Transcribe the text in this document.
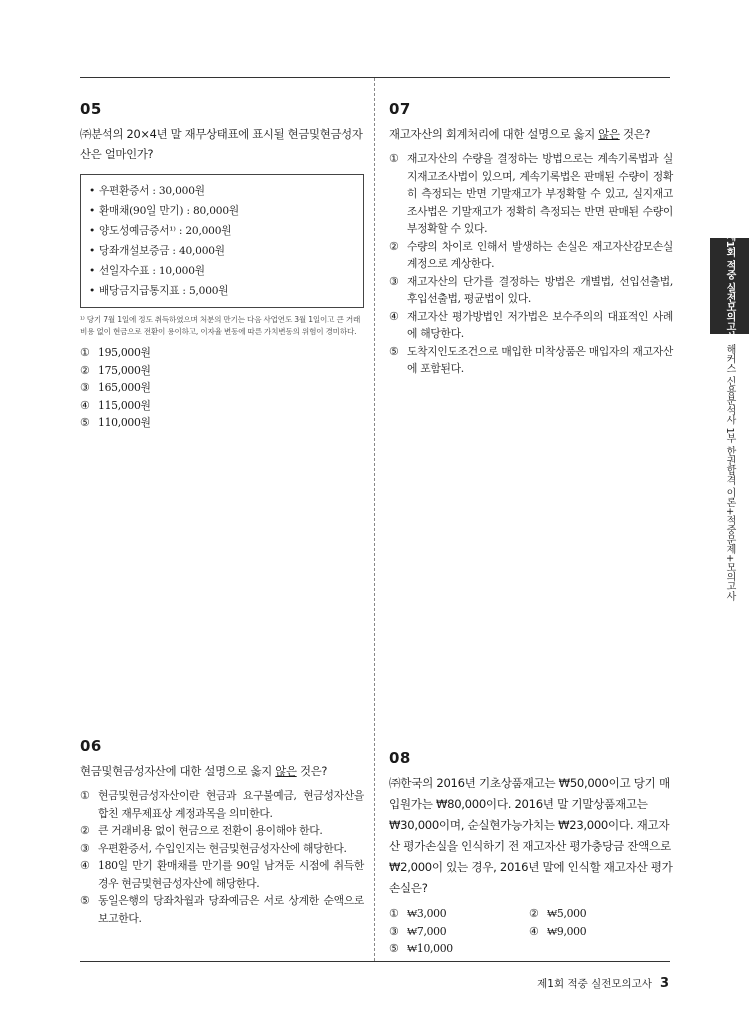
05
㈜분석의 20×4년 말 재무상태표에 표시될 현금및현금성자산은 얼마인가?
• 우편환증서 : 30,000원
• 환매채(90일 만기) : 80,000원
• 양도성예금증서¹⁾ : 20,000원
• 당좌개설보증금 : 40,000원
• 선일자수표 : 10,000원
• 배당금지급통지표 : 5,000원
¹⁾ 당기 7월 1일에 정도 취득하였으며 처분의 만기는 다음 사업연도 3월 1일이고 큰 거래비용 없이 현금으로 전환이 용이하고, 이자율 변동에 따른 가치변동의 위험이 경미하다.
① 195,000원
② 175,000원
③ 165,000원
④ 115,000원
⑤ 110,000원
06
현금및현금성자산에 대한 설명으로 옳지 않은 것은?
① 현금및현금성자산이란 현금과 요구불예금, 현금성자산을 합친 재무제표상 계정과목을 의미한다.
② 큰 거래비용 없이 현금으로 전환이 용이해야 한다.
③ 우편환증서, 수입인지는 현금및현금성자산에 해당한다.
④ 180일 만기 환매채를 만기를 90일 남겨둔 시점에 취득한 경우 현금및현금성자산에 해당한다.
⑤ 동일은행의 당좌차월과 당좌예금은 서로 상계한 순액으로 보고한다.
07
재고자산의 회계처리에 대한 설명으로 옳지 않은 것은?
① 재고자산의 수량을 결정하는 방법으로는 계속기록법과 실지재고조사법이 있으며, 계속기록법은 판매된 수량이 정확히 측정되는 반면 기말재고가 부정확할 수 있고, 실지재고조사법은 기말재고가 정확히 측정되는 반면 판매된 수량이 부정확할 수 있다.
② 수량의 차이로 인해서 발생하는 손실은 재고자산감모손실 계정으로 계상한다.
③ 재고자산의 단가를 결정하는 방법은 개별법, 선입선출법, 후입선출법, 평균법이 있다.
④ 재고자산 평가방법인 저가법은 보수주의의 대표적인 사례에 해당한다.
⑤ 도착지인도조건으로 매입한 미착상품은 매입자의 재고자산에 포함된다.
08
㈜한국의 2016년 기초상품재고는 ₩50,000이고 당기 매입원가는 ₩80,000이다. 2016년 말 기말상품재고는 ₩30,000이며, 순실현가능가치는 ₩23,000이다. 재고자산 평가손실을 인식하기 전 재고자산 평가충당금 잔액으로 ₩2,000이 있는 경우, 2016년 말에 인식할 재고자산 평가손실은?
① ₩3,000	② ₩5,000
③ ₩7,000	④ ₩9,000
⑤ ₩10,000
제1회 적중 실전모의고사
해커스 신용분석사 1부 한권합격 이론+적중문제+모의고사
제1회 적중 실전모의고사 3
